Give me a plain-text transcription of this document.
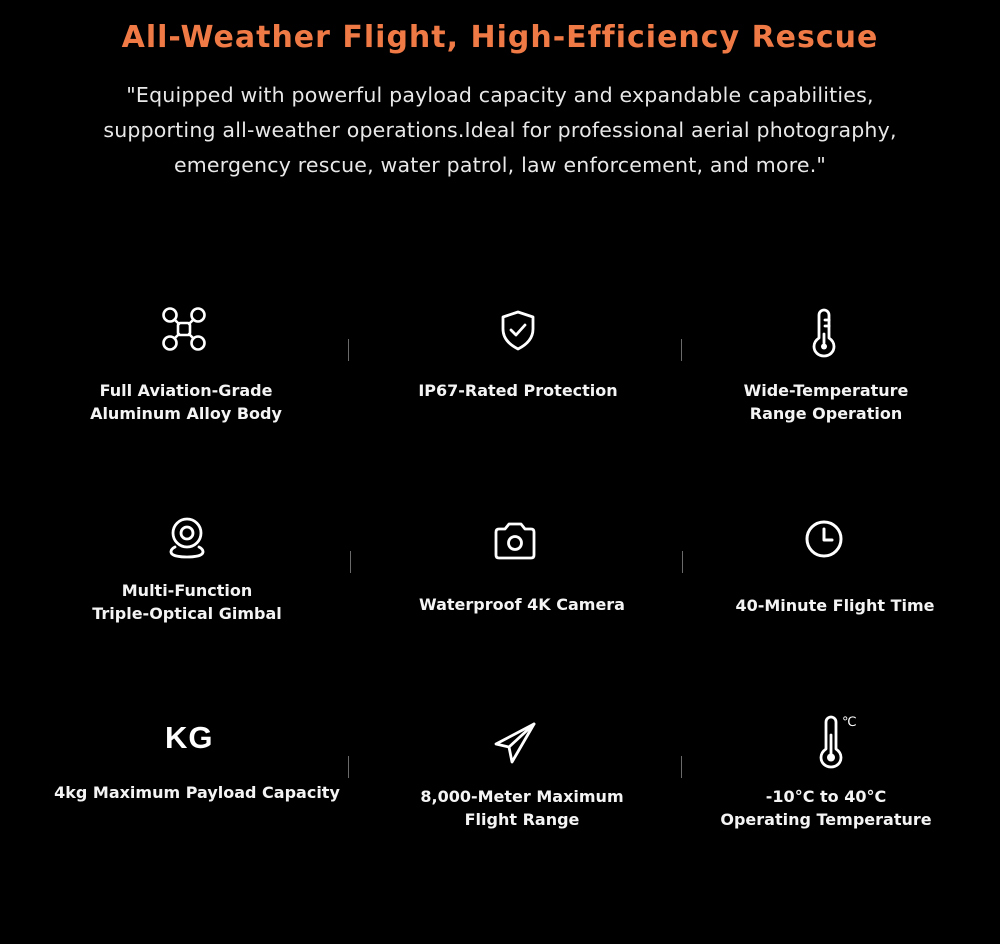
All-Weather Flight, High-Efficiency Rescue

"Equipped with powerful payload capacity and expandable capabilities,
supporting all-weather operations.Ideal for professional aerial photography,
emergency rescue, water patrol, law enforcement, and more."

Full Aviation-Grade
Aluminum Alloy Body

IP67-Rated Protection	Wide-Temperature
Range Operation

Multi-Function
Triple-Optical Gimbal	Waterproof 4K Camera	40-Minute Flight Time

KG

4kg Maximum Payload Capacity	8,000-Meter Maximum
Flight Range

℃

-10°C to 40°C
Operating Temperature
